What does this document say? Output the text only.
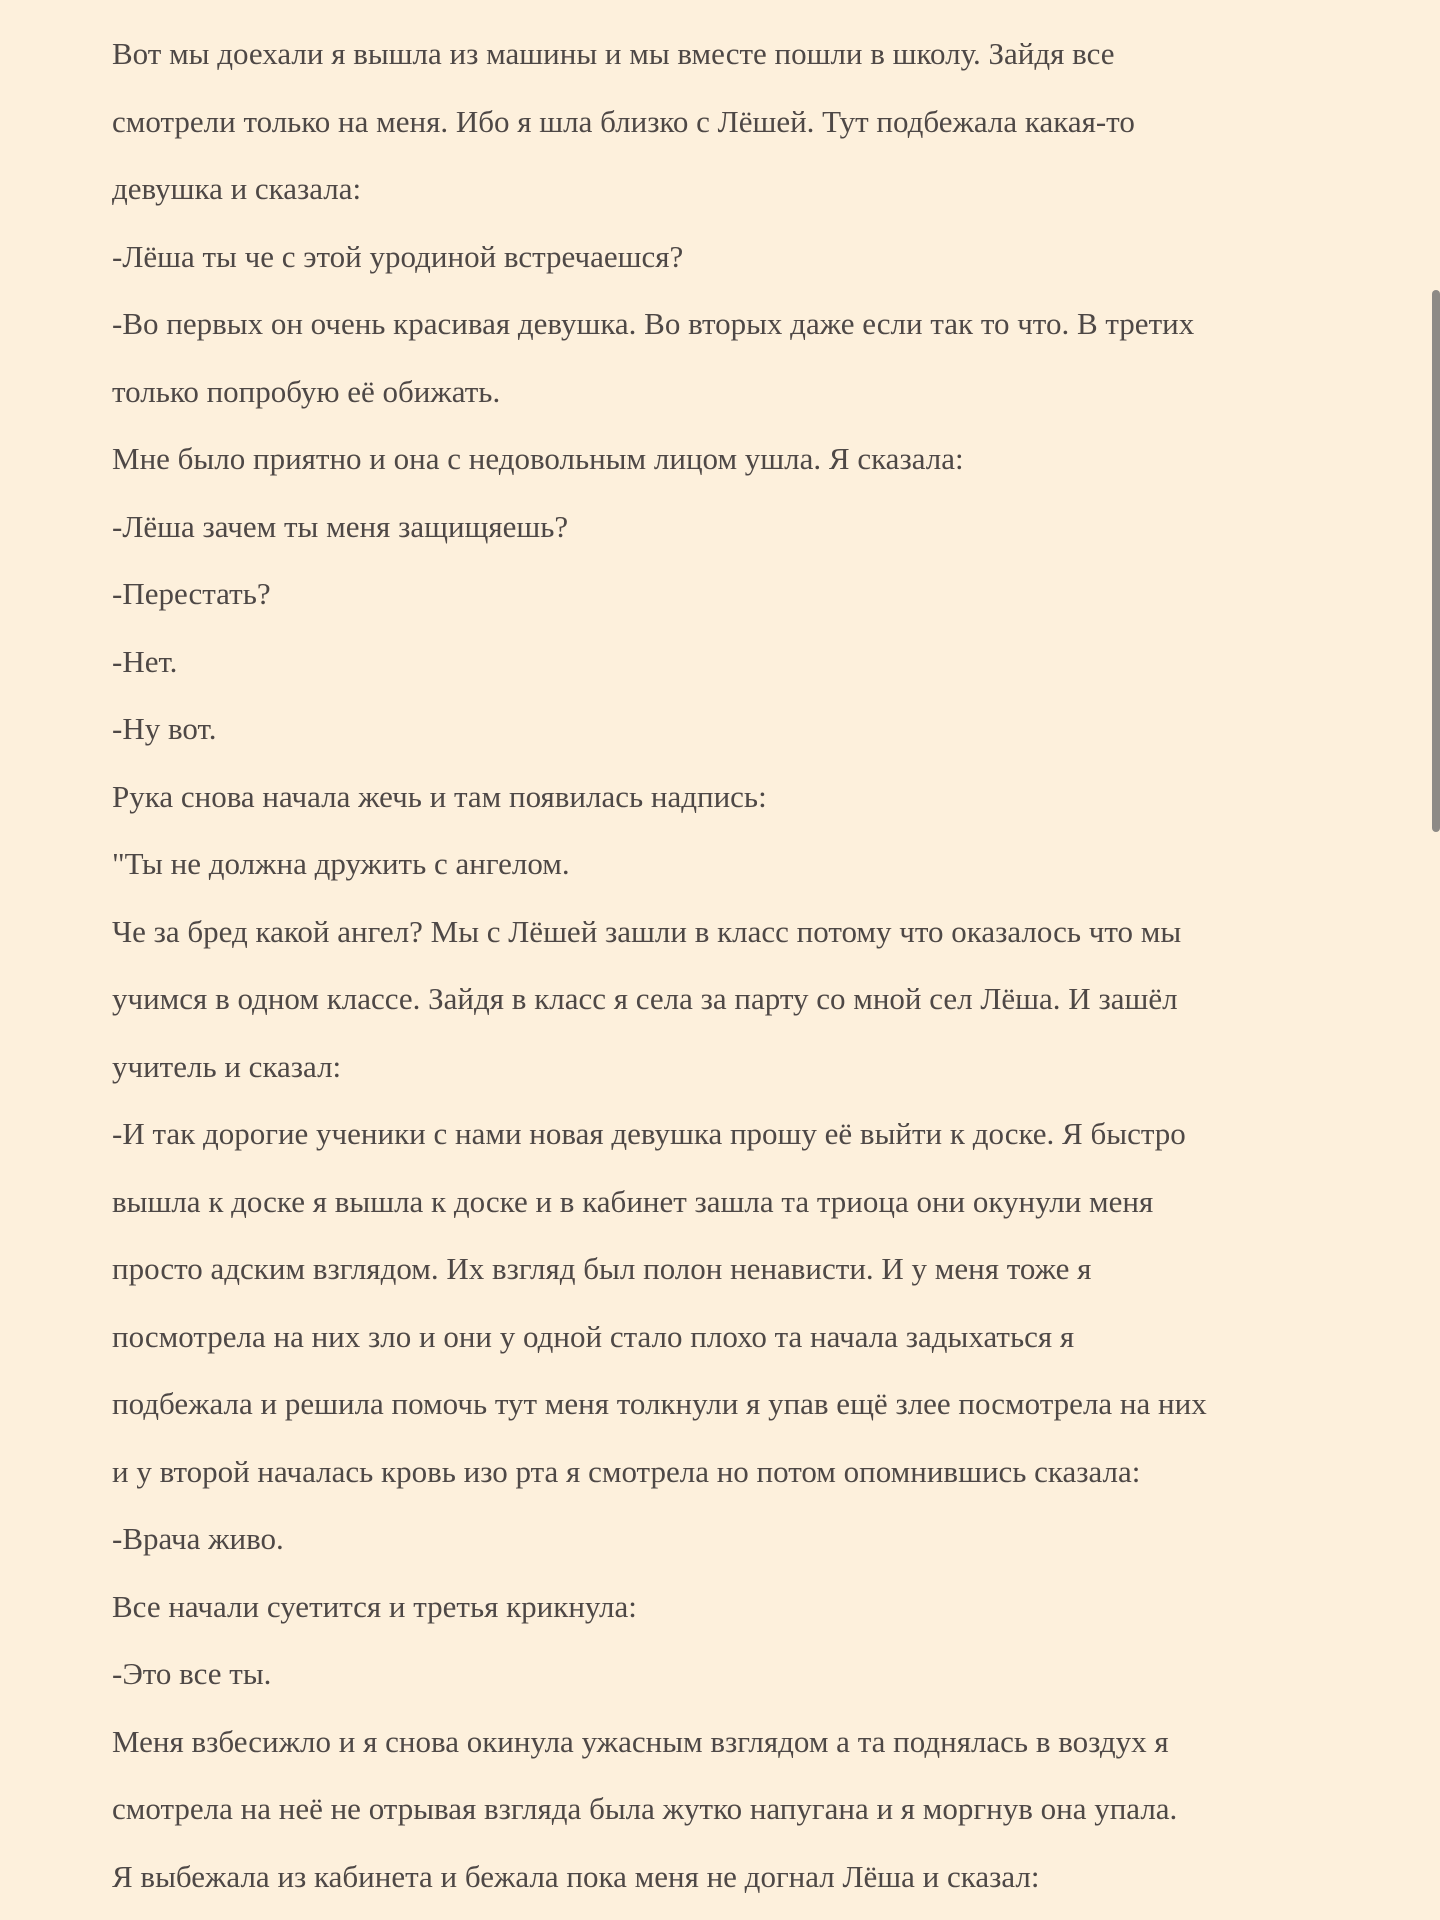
Вот мы доехали я вышла из машины и мы вместе пошли в школу. Зайдя все

смотрели только на меня. Ибо я шла близко с Лёшей. Тут подбежала какая-то

девушка и сказала:

-Лёша ты че с этой уродиной встречаешся?

-Во первых он очень красивая девушка. Во вторых даже если так то что. В третих

только попробую её обижать.

Мне было приятно и она с недовольным лицом ушла. Я сказала:

-Лёша зачем ты меня защищяешь?

-Перестать?

-Нет.

-Ну вот.

Рука снова начала жечь и там появилась надпись:

"Ты не должна дружить с ангелом.

Че за бред какой ангел? Мы с Лёшей зашли в класс потому что оказалось что мы

учимся в одном классе. Зайдя в класс я села за парту со мной сел Лёша. И зашёл

учитель и сказал:

-И так дорогие ученики с нами новая девушка прошу её выйти к доске. Я быстро

вышла к доске я вышла к доске и в кабинет зашла та триоца они окунули меня

просто адским взглядом. Их взгляд был полон ненависти. И у меня тоже я

посмотрела на них зло и они у одной стало плохо та начала задыхаться я

подбежала и решила помочь тут меня толкнули я упав ещё злее посмотрела на них

и у второй началась кровь изо рта я смотрела но потом опомнившись сказала:

-Врача живо.

Все начали суетится и третья крикнула:

-Это все ты.

Меня взбесижло и я снова окинула ужасным взглядом а та поднялась в воздух я

смотрела на неё не отрывая взгляда была жутко напугана и я моргнув она упала.

Я выбежала из кабинета и бежала пока меня не догнал Лёша и сказал:
